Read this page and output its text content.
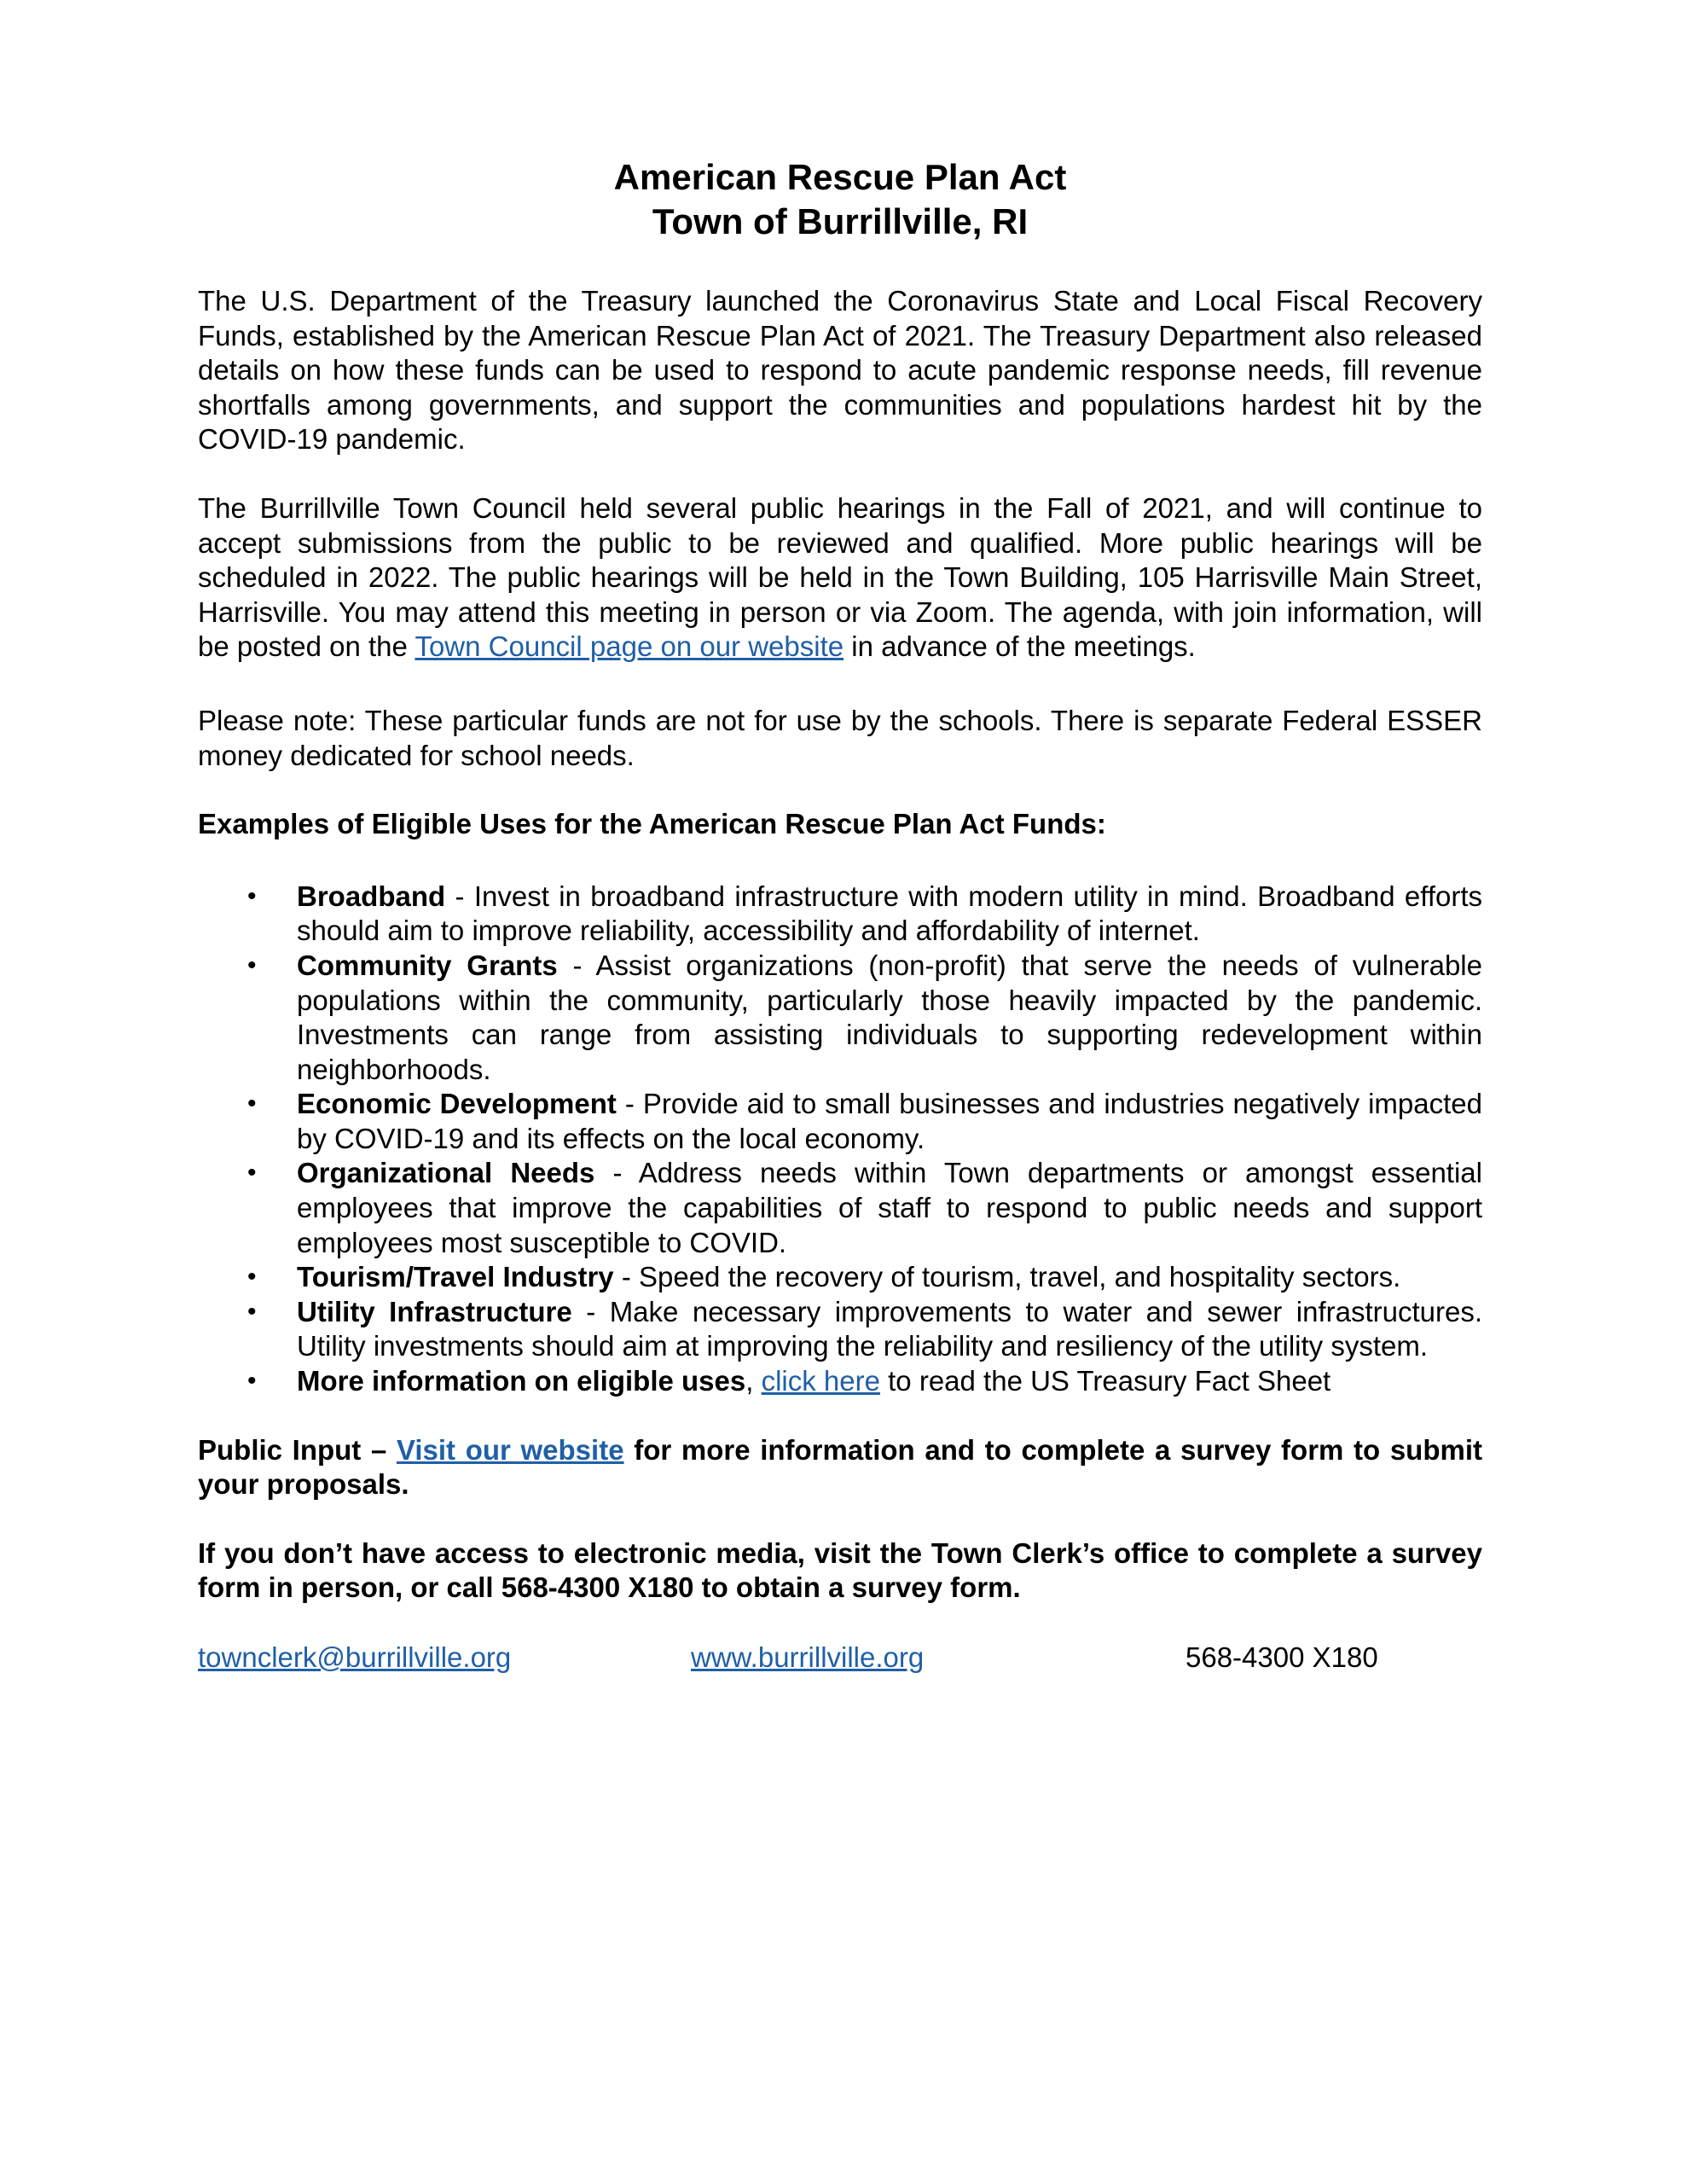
American Rescue Plan Act
Town of Burrillville, RI

The U.S. Department of the Treasury launched the Coronavirus State and Local Fiscal Recovery Funds, established by the American Rescue Plan Act of 2021. The Treasury Department also released details on how these funds can be used to respond to acute pandemic response needs, fill revenue shortfalls among governments, and support the communities and populations hardest hit by the COVID-19 pandemic.

The Burrillville Town Council held several public hearings in the Fall of 2021, and will continue to accept submissions from the public to be reviewed and qualified. More public hearings will be scheduled in 2022. The public hearings will be held in the Town Building, 105 Harrisville Main Street, Harrisville. You may attend this meeting in person or via Zoom. The agenda, with join information, will be posted on the Town Council page on our website in advance of the meetings.

Please note: These particular funds are not for use by the schools. There is separate Federal ESSER money dedicated for school needs.

Examples of Eligible Uses for the American Rescue Plan Act Funds:

• Broadband - Invest in broadband infrastructure with modern utility in mind. Broadband efforts should aim to improve reliability, accessibility and affordability of internet.
• Community Grants - Assist organizations (non-profit) that serve the needs of vulnerable populations within the community, particularly those heavily impacted by the pandemic. Investments can range from assisting individuals to supporting redevelopment within neighborhoods.
• Economic Development - Provide aid to small businesses and industries negatively impacted by COVID-19 and its effects on the local economy.
• Organizational Needs - Address needs within Town departments or amongst essential employees that improve the capabilities of staff to respond to public needs and support employees most susceptible to COVID.
• Tourism/Travel Industry - Speed the recovery of tourism, travel, and hospitality sectors.
• Utility Infrastructure - Make necessary improvements to water and sewer infrastructures. Utility investments should aim at improving the reliability and resiliency of the utility system.
• More information on eligible uses, click here to read the US Treasury Fact Sheet

Public Input – Visit our website for more information and to complete a survey form to submit your proposals.

If you don’t have access to electronic media, visit the Town Clerk’s office to complete a survey form in person, or call 568-4300 X180 to obtain a survey form.

townclerk@burrillville.org	www.burrillville.org	568-4300 X180
